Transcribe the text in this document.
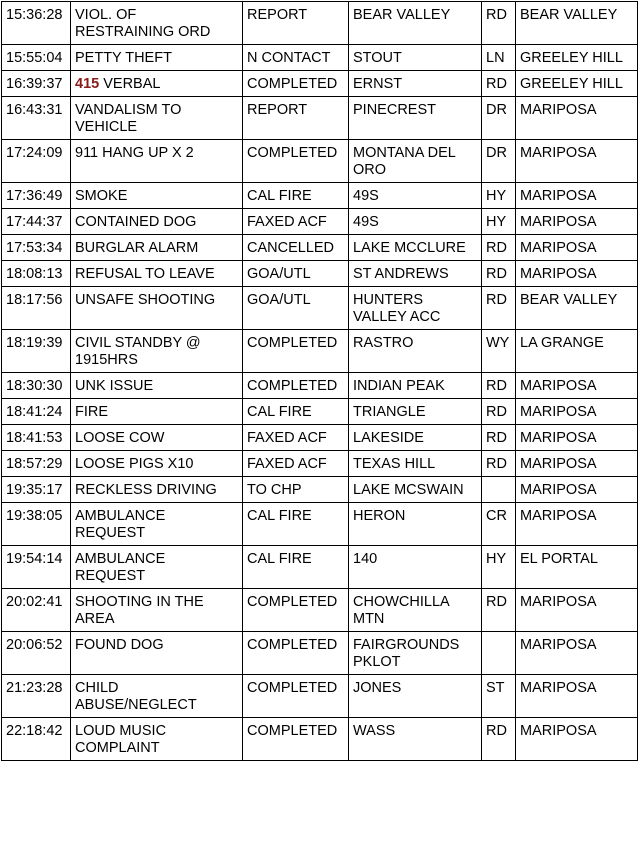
15:36:28	VIOL. OF RESTRAINING ORD	REPORT	BEAR VALLEY	RD	BEAR VALLEY
15:55:04	PETTY THEFT	N CONTACT	STOUT	LN	GREELEY HILL
16:39:37	415 VERBAL	COMPLETED	ERNST	RD	GREELEY HILL
16:43:31	VANDALISM TO VEHICLE	REPORT	PINECREST	DR	MARIPOSA
17:24:09	911 HANG UP X 2	COMPLETED	MONTANA DEL ORO	DR	MARIPOSA
17:36:49	SMOKE	CAL FIRE	49S	HY	MARIPOSA
17:44:37	CONTAINED DOG	FAXED ACF	49S	HY	MARIPOSA
17:53:34	BURGLAR ALARM	CANCELLED	LAKE MCCLURE	RD	MARIPOSA
18:08:13	REFUSAL TO LEAVE	GOA/UTL	ST ANDREWS	RD	MARIPOSA
18:17:56	UNSAFE SHOOTING	GOA/UTL	HUNTERS VALLEY ACC	RD	BEAR VALLEY
18:19:39	CIVIL STANDBY @ 1915HRS	COMPLETED	RASTRO	WY	LA GRANGE
18:30:30	UNK ISSUE	COMPLETED	INDIAN PEAK	RD	MARIPOSA
18:41:24	FIRE	CAL FIRE	TRIANGLE	RD	MARIPOSA
18:41:53	LOOSE COW	FAXED ACF	LAKESIDE	RD	MARIPOSA
18:57:29	LOOSE PIGS X10	FAXED ACF	TEXAS HILL	RD	MARIPOSA
19:35:17	RECKLESS DRIVING	TO CHP	LAKE MCSWAIN		MARIPOSA
19:38:05	AMBULANCE REQUEST	CAL FIRE	HERON	CR	MARIPOSA
19:54:14	AMBULANCE REQUEST	CAL FIRE	140	HY	EL PORTAL
20:02:41	SHOOTING IN THE AREA	COMPLETED	CHOWCHILLA MTN	RD	MARIPOSA
20:06:52	FOUND DOG	COMPLETED	FAIRGROUNDS PKLOT		MARIPOSA
21:23:28	CHILD ABUSE/NEGLECT	COMPLETED	JONES	ST	MARIPOSA
22:18:42	LOUD MUSIC COMPLAINT	COMPLETED	WASS	RD	MARIPOSA
